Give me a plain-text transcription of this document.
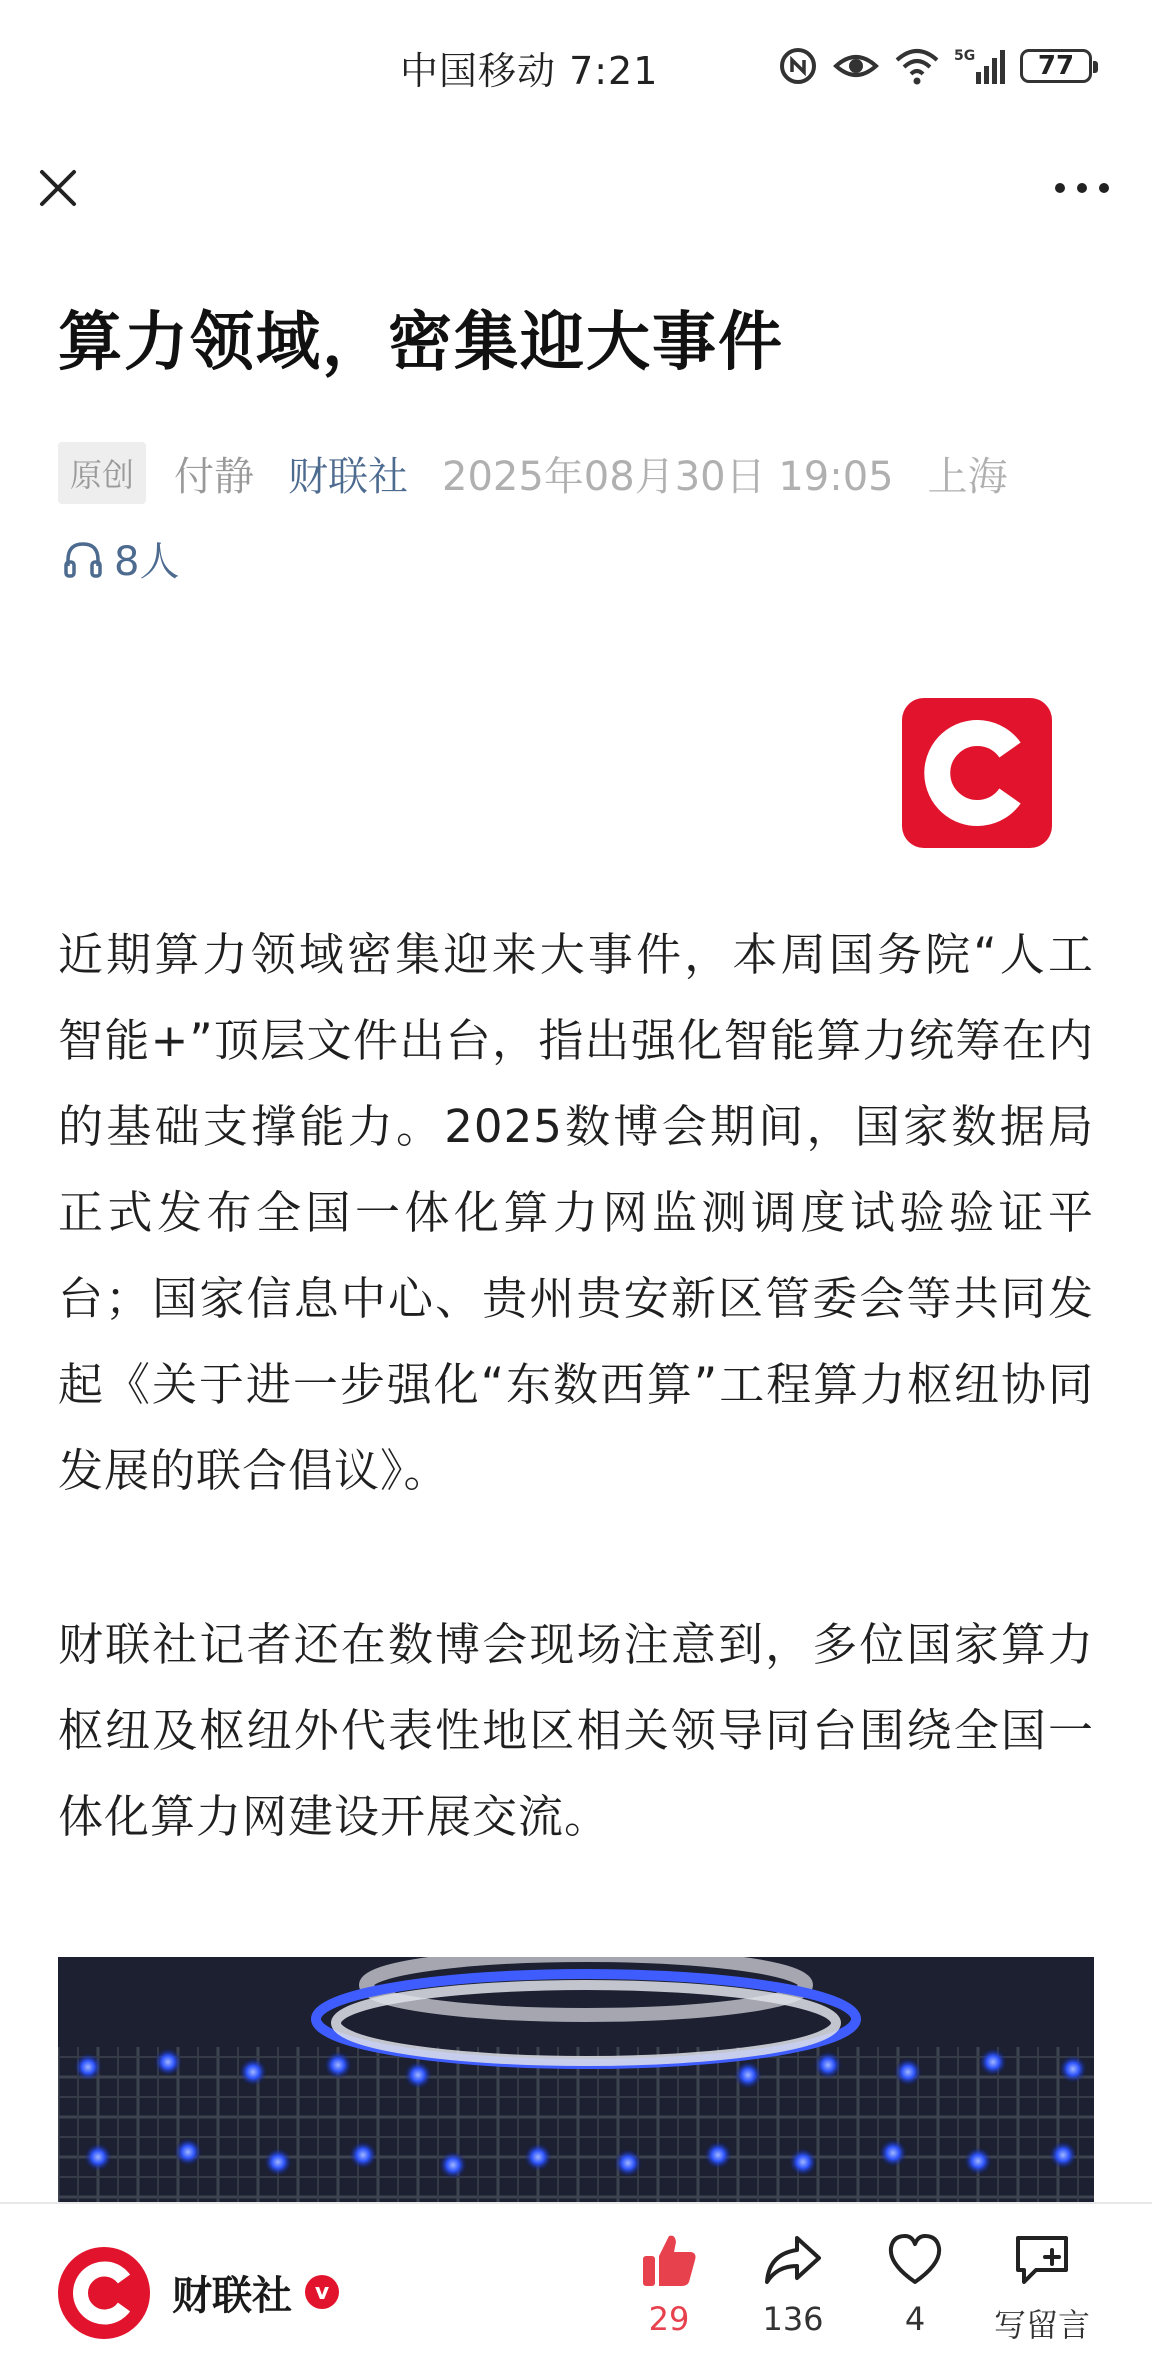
中国移动 7:21	5G 77
算力领域，密集迎大事件
原创	付静 财联社 2025年08月30日 19:05 上海
8人

近期算力领域密集迎来大事件，本周国务院“人工智能+”顶层文件出台，指出强化智能算力统筹在内的基础支撑能力。2025数博会期间，国家数据局正式发布全国一体化算力网监测调度试验验证平台；国家信息中心、贵州贵安新区管委会等共同发起《关于进一步强化“东数西算”工程算力枢纽协同发展的联合倡议》。

财联社记者还在数博会现场注意到，多位国家算力枢纽及枢纽外代表性地区相关领导同台围绕全国一体化算力网建设开展交流。

财联社	v
29 136	4 写留言
